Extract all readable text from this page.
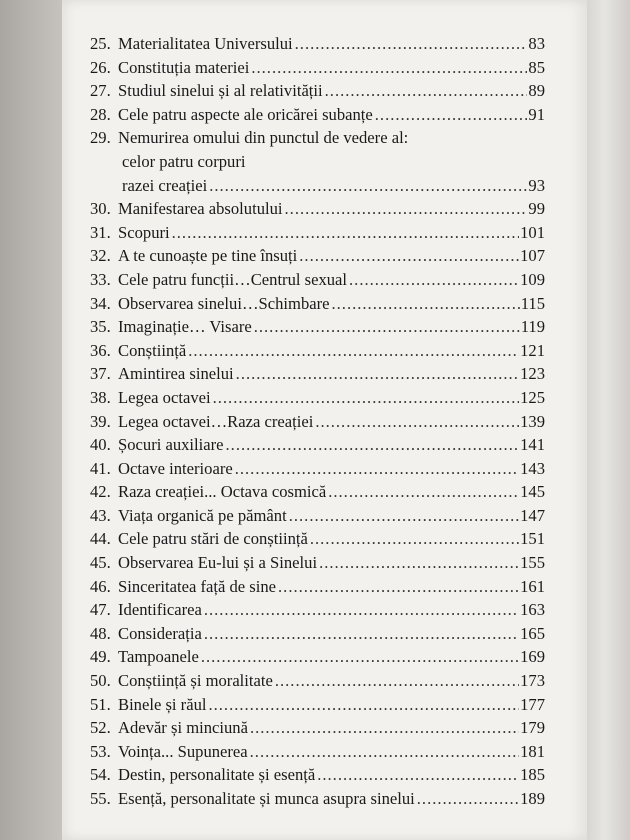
25. Materialitatea Universului .....	83
26. Constituția materiei .....	85
27. Studiul sinelui și al relativității .....	89
28. Cele patru aspecte ale oricărei subanțe .....	91
29. Nemurirea omului din punctul de vedere al:
celor patru corpuri
razei creației .....	93
30. Manifestarea absolutului .....	99
31. Scopuri .....	101
32. A te cunoaște pe tine însuți .....	107
33. Cele patru funcții…Centrul sexual .....	109
34. Observarea sinelui…Schimbare .....	115
35. Imaginație… Visare .....	119
36. Conștiință .....	121
37. Amintirea sinelui .....	123
38. Legea octavei .....	125
39. Legea octavei…Raza creației .....	139
40. Șocuri auxiliare .....	141
41. Octave interioare .....	143
42. Raza creației... Octava cosmică .....	145
43. Viața organică pe pământ .....	147
44. Cele patru stări de conștiință .....	151
45. Observarea Eu-lui și a Sinelui .....	155
46. Sinceritatea față de sine .....	161
47. Identificarea .....	163
48. Considerația .....	165
49. Tampoanele .....	169
50. Conștiință și moralitate .....	173
51. Binele și răul .....	177
52. Adevăr și minciună .....	179
53. Voința... Supunerea .....	181
54. Destin, personalitate și esență .....	185
55. Esență, personalitate și munca asupra sinelui .....	189
